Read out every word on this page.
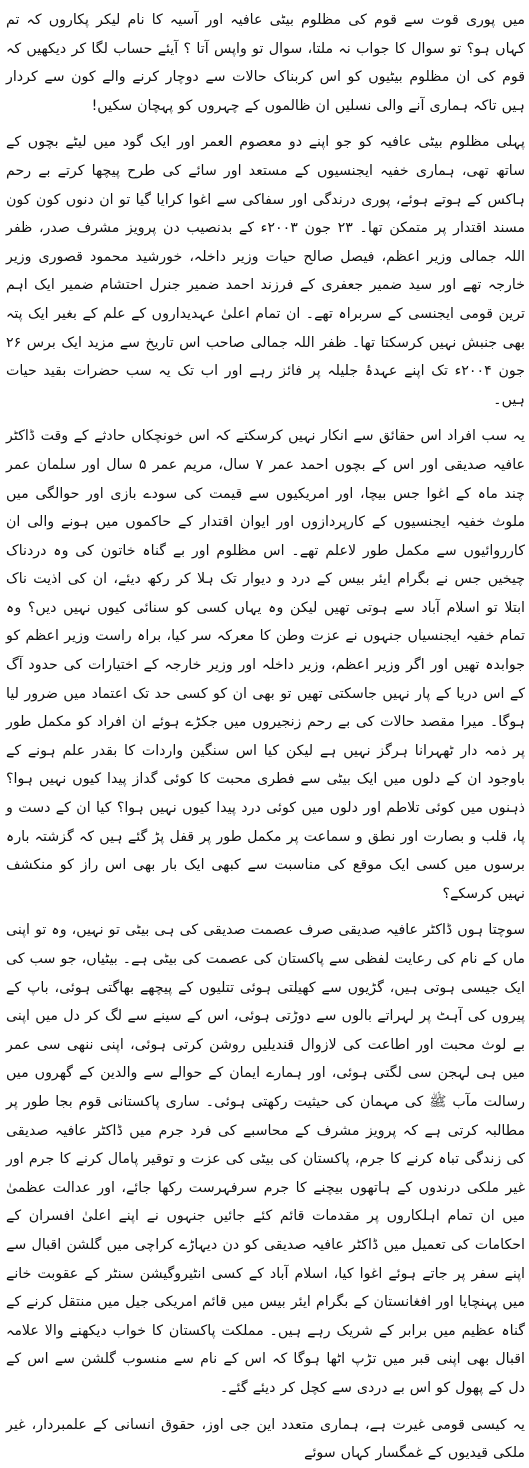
میں پوری قوت سے قوم کی مظلوم بیٹی عافیہ اور آسیہ کا نام لیکر پکاروں کہ تم کہاں ہو؟ تو سوال کا جواب نہ ملتا، سوال تو واپس آتا ؟ آیئے حساب لگا کر دیکھیں کہ قوم کی ان مظلوم بیٹیوں کو اس کربناک حالات سے دوچار کرنے والے کون سے کردار ہیں تاکہ ہماری آنے والی نسلیں ان ظالموں کے چہروں کو پہچان سکیں!

پہلی مظلوم بیٹی عافیہ کو جو اپنے دو معصوم العمر اور ایک گود میں لیٹے بچوں کے ساتھ تھی، ہماری خفیہ ایجنسیوں کے مستعد اور سائے کی طرح پیچھا کرتے بے رحم ہاکس کے ہوتے ہوئے، پوری درندگی اور سفاکی سے اغوا کرایا گیا تو ان دنوں کون کون مسند اقتدار پر متمکن تھا۔ ۲۳ جون ۲۰۰۳ء کے بدنصیب دن پرویز مشرف صدر، ظفر اللہ جمالی وزیر اعظم، فیصل صالح حیات وزیر داخلہ، خورشید محمود قصوری وزیر خارجہ تھے اور سید ضمیر جعفری کے فرزند احمد ضمیر جنرل احتشام ضمیر ایک اہم ترین قومی ایجنسی کے سربراہ تھے۔ ان تمام اعلیٰ عہدیداروں کے علم کے بغیر ایک پتہ بھی جنبش نہیں کرسکتا تھا۔ ظفر اللہ جمالی صاحب اس تاریخ سے مزید ایک برس ۲۶ جون ۲۰۰۴ء تک اپنے عہدۂ جلیلہ پر فائز رہے اور اب تک یہ سب حضرات بقید حیات ہیں۔

یہ سب افراد اس حقائق سے انکار نہیں کرسکتے کہ اس خونچکاں حادثے کے وقت ڈاکٹر عافیہ صدیقی اور اس کے بچوں احمد عمر ۷ سال، مریم عمر ۵ سال اور سلمان عمر چند ماہ کے اغوا جس بیچا، اور امریکیوں سے قیمت کی سودے بازی اور حوالگی میں ملوث خفیہ ایجنسیوں کے کارپردازوں اور ایوان اقتدار کے حاکموں میں ہونے والی ان کارروائیوں سے مکمل طور لاعلم تھے۔ اس مظلوم اور بے گناہ خاتون کی وہ دردناک چیخیں جس نے بگرام ایئر بیس کے درد و دیوار تک ہلا کر رکھ دیئے، ان کی اذیت ناک ابتلا تو اسلام آباد سے ہوتی تھیں لیکن وہ یہاں کسی کو سنائی کیوں نہیں دیں؟ وہ تمام خفیہ ایجنسیاں جنہوں نے عزت وطن کا معرکہ سر کیا، براہ راست وزیر اعظم کو جوابدہ تھیں اور اگر وزیر اعظم، وزیر داخلہ اور وزیر خارجہ کے اختیارات کی حدود آگ کے اس دریا کے پار نہیں جاسکتی تھیں تو بھی ان کو کسی حد تک اعتماد میں ضرور لیا ہوگا۔ میرا مقصد حالات کی بے رحم زنجیروں میں جکڑے ہوئے ان افراد کو مکمل طور پر ذمہ دار ٹھہرانا ہرگز نہیں ہے لیکن کیا اس سنگین واردات کا بقدر علم ہونے کے باوجود ان کے دلوں میں ایک بیٹی سے فطری محبت کا کوئی گداز پیدا کیوں نہیں ہوا؟ ذہنوں میں کوئی تلاطم اور دلوں میں کوئی درد پیدا کیوں نہیں ہوا؟ کیا ان کے دست و پا، قلب و بصارت اور نطق و سماعت پر مکمل طور پر قفل پڑ گئے ہیں کہ گزشتہ بارہ برسوں میں کسی ایک موقع کی مناسبت سے کبھی ایک بار بھی اس راز کو منکشف نہیں کرسکے؟

سوچتا ہوں ڈاکٹر عافیہ صدیقی صرف عصمت صدیقی کی ہی بیٹی تو نہیں، وہ تو اپنی ماں کے نام کی رعایت لفظی سے پاکستان کی عصمت کی بیٹی ہے۔ بیٹیاں، جو سب کی ایک جیسی ہوتی ہیں، گڑیوں سے کھیلتی ہوئی تتلیوں کے پیچھے بھاگتی ہوئی، باپ کے پیروں کی آہٹ پر لہراتے بالوں سے دوڑتی ہوئی، اس کے سینے سے لگ کر دل میں اپنی بے لوث محبت اور اطاعت کی لازوال قندیلیں روشن کرتی ہوئی، اپنی ننھی سی عمر میں ہی لہجن سی لگتی ہوئی، اور ہمارے ایمان کے حوالے سے والدین کے گھروں میں رسالت مآب ﷺ کی مہمان کی حیثیت رکھتی ہوئی۔ ساری پاکستانی قوم بجا طور پر مطالبہ کرتی ہے کہ پرویز مشرف کے محاسبے کی فرد جرم میں ڈاکٹر عافیہ صدیقی کی زندگی تباہ کرنے کا جرم، پاکستان کی بیٹی کی عزت و توقیر پامال کرنے کا جرم اور غیر ملکی درندوں کے ہاتھوں بیچنے کا جرم سرفہرست رکھا جائے، اور عدالت عظمیٰ میں ان تمام اہلکاروں پر مقدمات قائم کئے جائیں جنہوں نے اپنے اعلیٰ افسران کے احکامات کی تعمیل میں ڈاکٹر عافیہ صدیقی کو دن دیہاڑے کراچی میں گلشن اقبال سے اپنے سفر پر جاتے ہوئے اغوا کیا، اسلام آباد کے کسی انٹیروگیشن سنٹر کے عقوبت خانے میں پہنچایا اور افغانستان کے بگرام ایئر بیس میں قائم امریکی جیل میں منتقل کرنے کے گناہ عظیم میں برابر کے شریک رہے ہیں۔ مملکت پاکستان کا خواب دیکھنے والا علامہ اقبال بھی اپنی قبر میں تڑپ اٹھا ہوگا کہ اس کے نام سے منسوب گلشن سے اس کے دل کے پھول کو اس بے دردی سے کچل کر دیئے گئے۔

یہ کیسی قومی غیرت ہے، ہماری متعدد این جی اوز، حقوق انسانی کے علمبردار، غیر ملکی قیدیوں کے غمگسار کہاں سوئے
